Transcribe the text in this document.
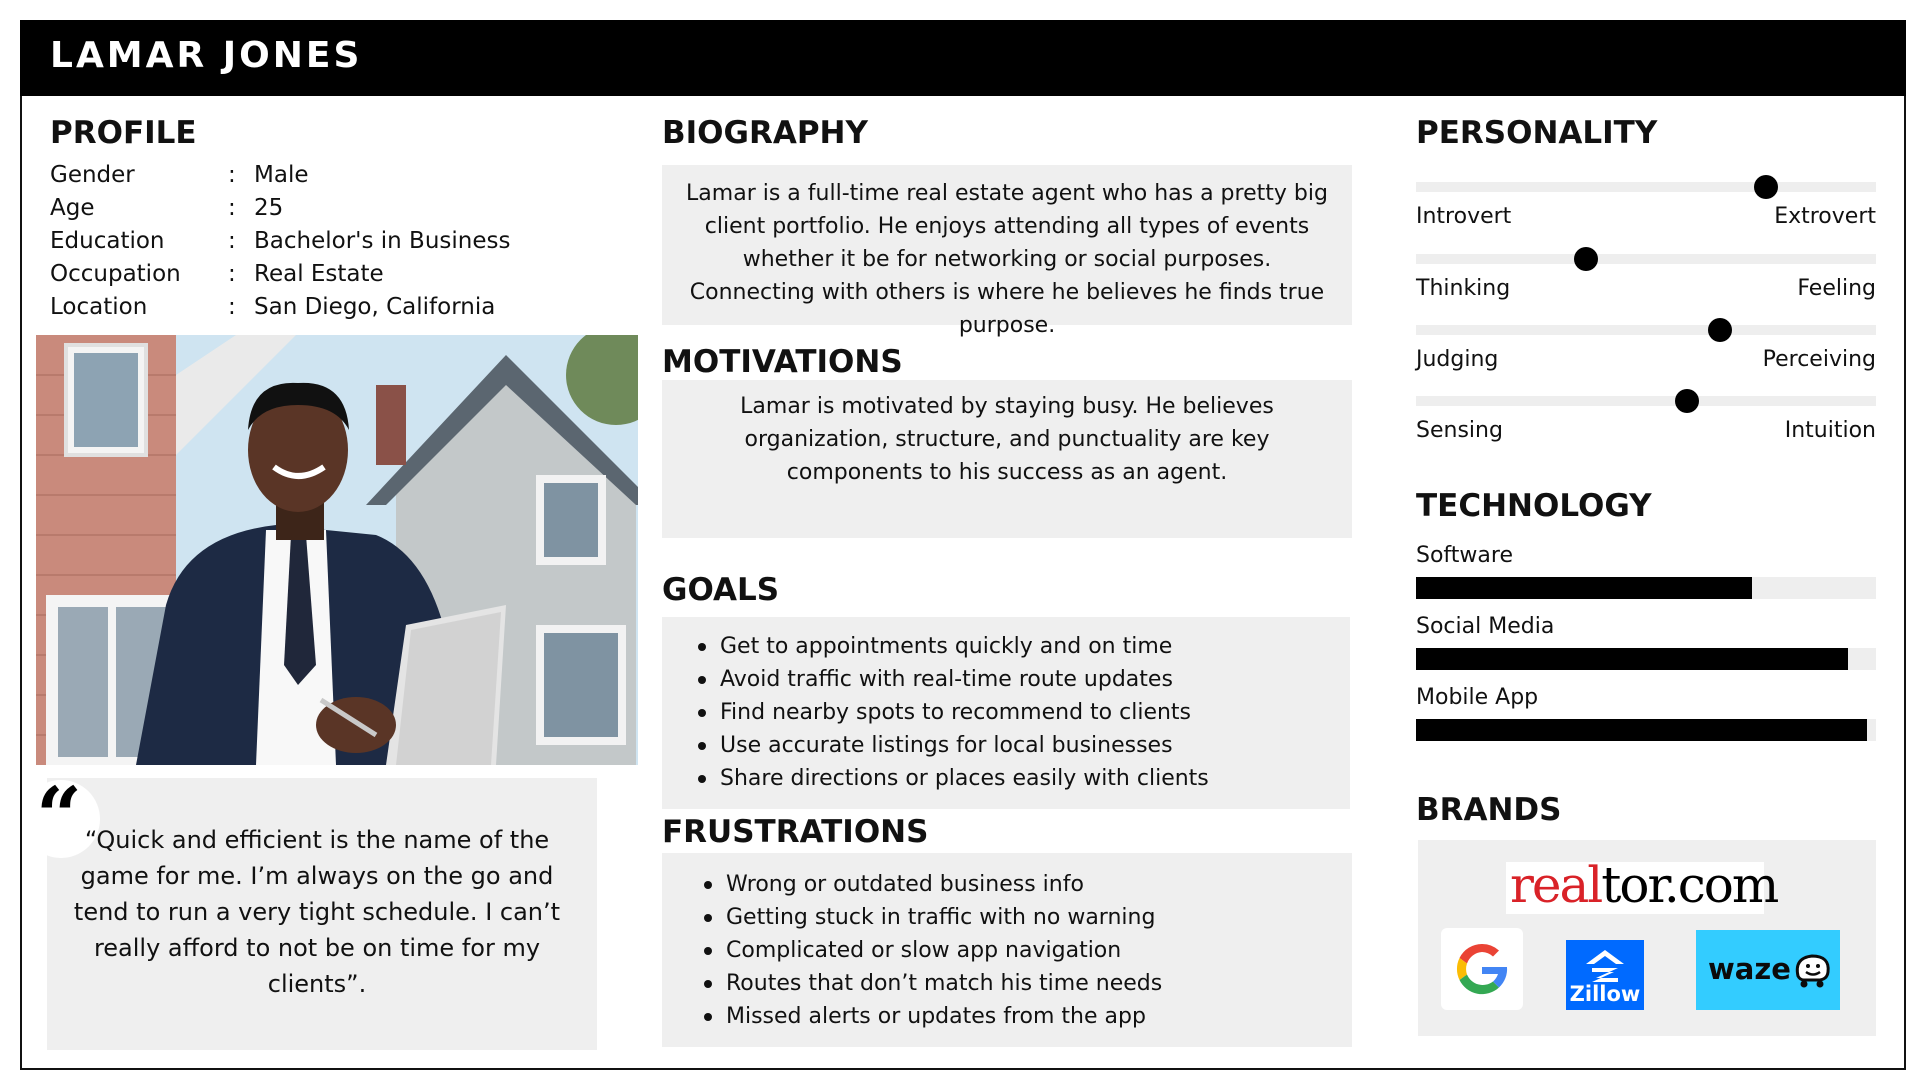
LAMAR JONES
PROFILE
Gender	: Male
Age	: 25
Education	: Bachelor's in Business
Occupation	: Real Estate
Location	: San Diego, California
“ “Quick and efficient is the name of the game for me. I’m always on the go and tend to run a very tight schedule. I can’t really afford to not be on time for my clients”.
BIOGRAPHY
Lamar is a full-time real estate agent who has a pretty big client portfolio. He enjoys attending all types of events whether it be for networking or social purposes. Connecting with others is where he believes he finds true purpose.
MOTIVATIONS
Lamar is motivated by staying busy. He believes organization, structure, and punctuality are key components to his success as an agent.
GOALS
Get to appointments quickly and on time
Avoid traffic with real-time route updates
Find nearby spots to recommend to clients
Use accurate listings for local businesses
Share directions or places easily with clients
FRUSTRATIONS
Wrong or outdated business info
Getting stuck in traffic with no warning
Complicated or slow app navigation
Routes that don’t match his time needs
Missed alerts or updates from the app
PERSONALITY
Introvert	Extrovert
Thinking	Feeling
Judging	Perceiving
Sensing	Intuition
TECHNOLOGY
Software
Social Media
Mobile App
BRANDS
realtor.com
Zillow
waze
